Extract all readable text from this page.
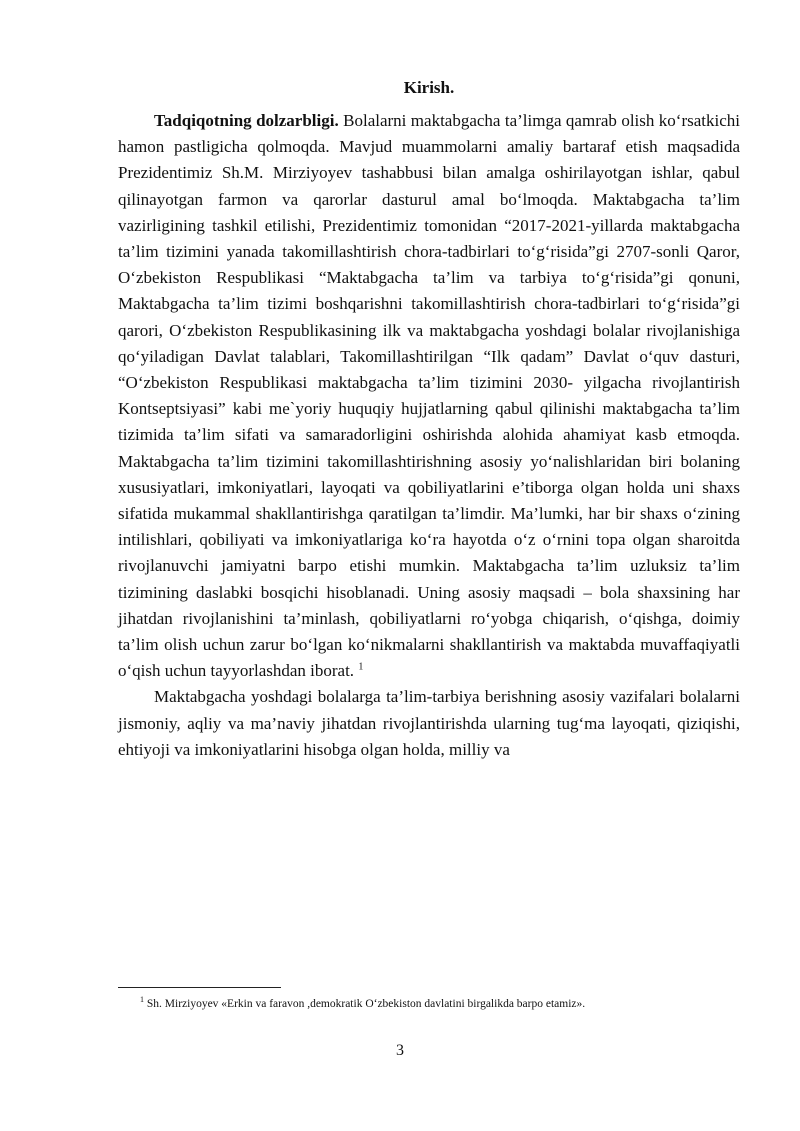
Kirish.

Tadqiqotning dolzarbligi. Bolalarni maktabgacha ta’limga qamrab olish ko‘rsatkichi hamon pastligicha qolmoqda. Mavjud muammolarni amaliy bartaraf etish maqsadida Prezidentimiz Sh.M. Mirziyoyev tashabbusi bilan amalga oshirilayotgan ishlar, qabul qilinayotgan farmon va qarorlar dasturul amal bo‘lmoqda. Maktabgacha ta’lim vazirligining tashkil etilishi, Prezidentimiz tomonidan “2017-2021-yillarda maktabgacha ta’lim tizimini yanada takomillashtirish chora-tadbirlari to‘g‘risida”gi 2707-sonli Qaror, O‘zbekiston Respublikasi “Maktabgacha ta’lim va tarbiya to‘g‘risida”gi qonuni, Maktabgacha ta’lim tizimi boshqarishni takomillashtirish chora-tadbirlari to‘g‘risida”gi qarori, O‘zbekiston Respublikasining ilk va maktabgacha yoshdagi bolalar rivojlanishiga qo‘yiladigan Davlat talablari, Takomillashtirilgan “Ilk qadam” Davlat o‘quv dasturi, “O‘zbekiston Respublikasi maktabgacha ta’lim tizimini 2030- yilgacha rivojlantirish Kontseptsiyasi” kabi me`yoriy huquqiy hujjatlarning qabul qilinishi maktabgacha ta’lim tizimida ta’lim sifati va samaradorligini oshirishda alohida ahamiyat kasb etmoqda. Maktabgacha ta’lim tizimini takomillashtirishning asosiy yo‘nalishlaridan biri bolaning xususiyatlari, imkoniyatlari, layoqati va qobiliyatlarini e’tiborga olgan holda uni shaxs sifatida mukammal shakllantirishga qaratilgan ta’limdir. Ma’lumki, har bir shaxs o‘zining intilishlari, qobiliyati va imkoniyatlariga ko‘ra hayotda o‘z o‘rnini topa olgan sharoitda rivojlanuvchi jamiyatni barpo etishi mumkin. Maktabgacha ta’lim uzluksiz ta’lim tizimining daslabki bosqichi hisoblanadi. Uning asosiy maqsadi – bola shaxsining har jihatdan rivojlanishini ta’minlash, qobiliyatlarni ro‘yobga chiqarish, o‘qishga, doimiy ta’lim olish uchun zarur bo‘lgan ko‘nikmalarni shakllantirish va maktabda muvaffaqiyatli o‘qish uchun tayyorlashdan iborat. $^1$

Maktabgacha yoshdagi bolalarga ta’lim-tarbiya berishning asosiy vazifalari bolalarni jismoniy, aqliy va ma’naviy jihatdan rivojlantirishda ularning tug‘ma layoqati, qiziqishi, ehtiyoji va imkoniyatlarini hisobga olgan holda, milliy va

$^1$ Sh. Mirziyoyev «Erkin va faravon ,demokratik O‘zbekiston davlatini birgalikda barpo etamiz».
3
